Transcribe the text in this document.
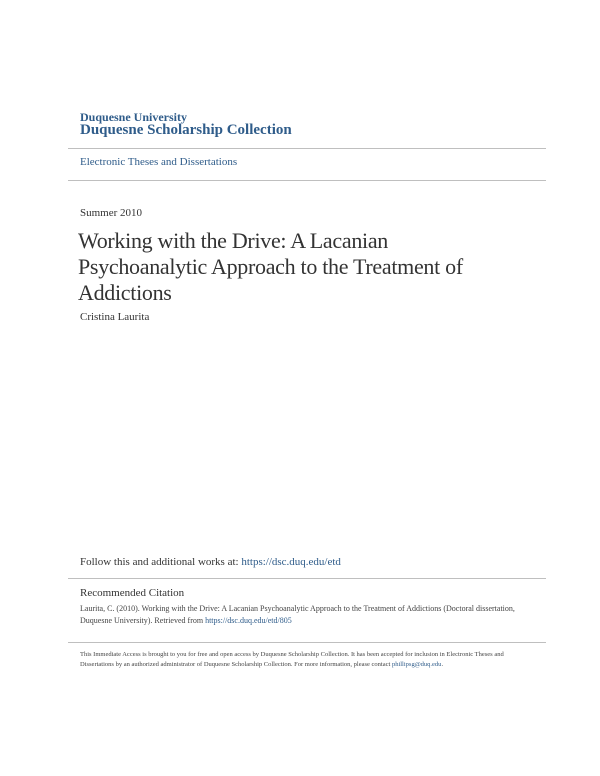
Duquesne University
Duquesne Scholarship Collection
Electronic Theses and Dissertations
Summer 2010
Working with the Drive: A Lacanian Psychoanalytic Approach to the Treatment of Addictions
Cristina Laurita
Follow this and additional works at: https://dsc.duq.edu/etd
Recommended Citation
Laurita, C. (2010). Working with the Drive: A Lacanian Psychoanalytic Approach to the Treatment of Addictions (Doctoral dissertation, Duquesne University). Retrieved from https://dsc.duq.edu/etd/805
This Immediate Access is brought to you for free and open access by Duquesne Scholarship Collection. It has been accepted for inclusion in Electronic Theses and Dissertations by an authorized administrator of Duquesne Scholarship Collection. For more information, please contact phillipsg@duq.edu.
